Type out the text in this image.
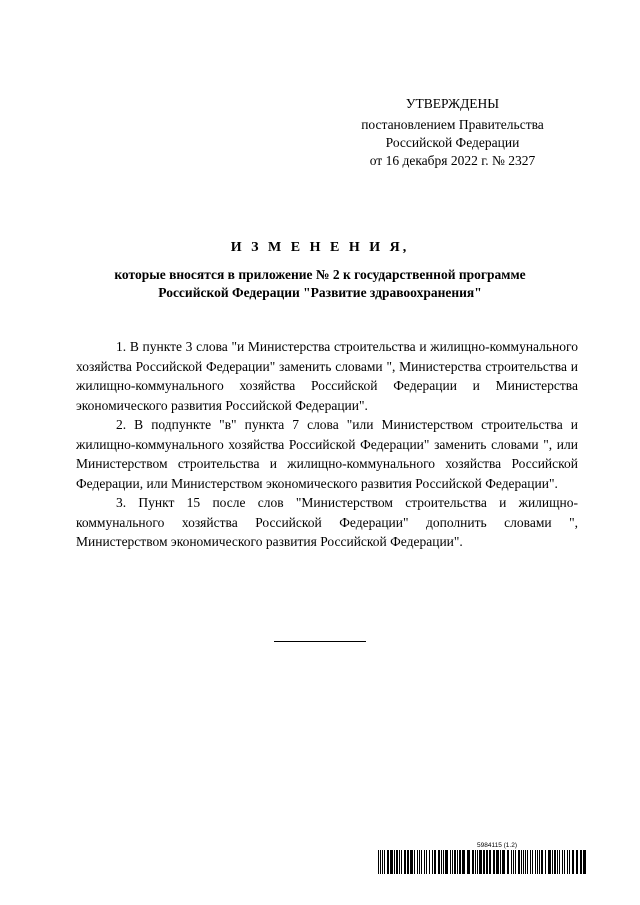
УТВЕРЖДЕНЫ
постановлением Правительства
Российской Федерации
от 16 декабря 2022 г. № 2327
И З М Е Н Е Н И Я,
которые вносятся в приложение № 2 к государственной программе
Российской Федерации "Развитие здравоохранения"

1. В пункте 3 слова "и Министерства строительства и жилищно-коммунального хозяйства Российской Федерации" заменить словами ", Министерства строительства и жилищно-коммунального хозяйства Российской Федерации и Министерства экономического развития Российской Федерации".

2. В подпункте "в" пункта 7 слова "или Министерством строительства и жилищно-коммунального хозяйства Российской Федерации" заменить словами ", или Министерством строительства и жилищно-коммунального хозяйства Российской Федерации, или Министерством экономического развития Российской Федерации".

3. Пункт 15 после слов "Министерством строительства и жилищно-коммунального хозяйства Российской Федерации" дополнить словами ", Министерством экономического развития Российской Федерации".

5984115 (1.2)
